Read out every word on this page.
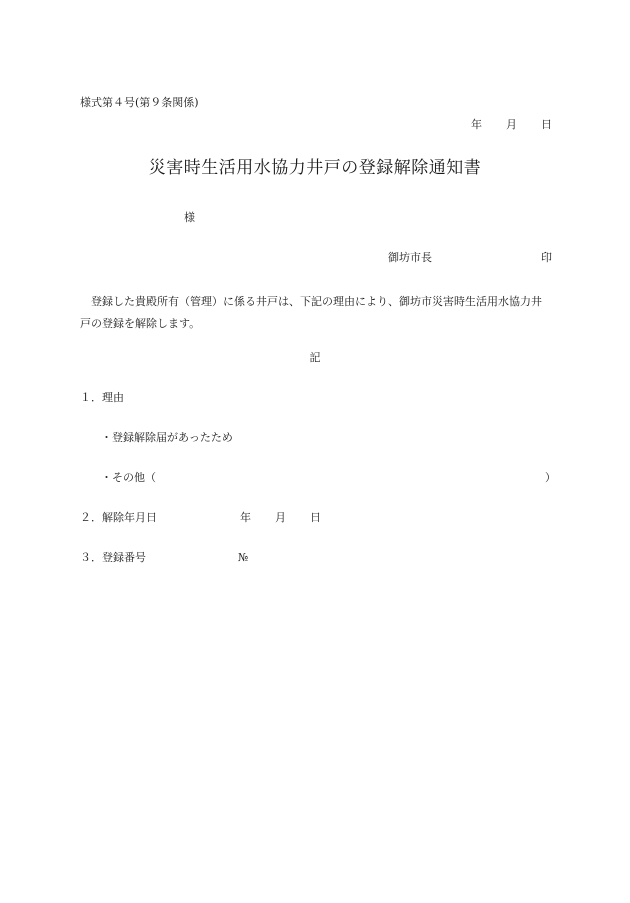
様式第４号(第９条関係)
年 月 日
災害時生活用水協力井戸の登録解除通知書
様
御坊市長	印
登録した貴殿所有（管理）に係る井戸は、下記の理由により、御坊市災害時生活用水協力井戸の登録を解除します。
記
１．理由
・登録解除届があったため
・その他（	）
２．解除年月日	年 月 日
３．登録番号	№
